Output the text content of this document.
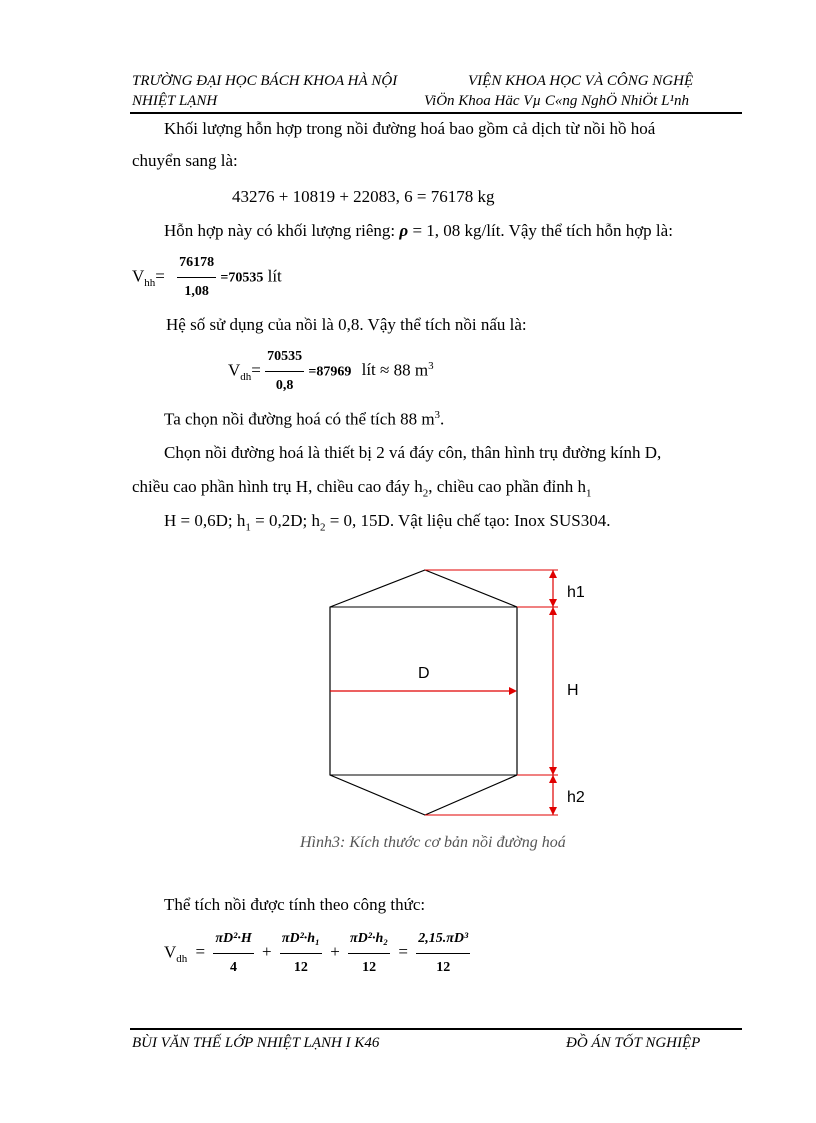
TRƯỜNG ĐẠI HỌC BÁCH KHOA HÀ NỘI	VIỆN KHOA HỌC VÀ CÔNG NGHỆ
NHIỆT LẠNH	ViÖn Khoa Häc Vµ C«ng NghÖ NhiÖt L¹nh
Khối lượng hỗn hợp trong nồi đường hoá bao gồm cả dịch từ nồi hồ hoá
chuyển sang là:
43276 + 10819 + 22083, 6 = 76178 kg
Hỗn hợp này có khối lượng riêng: ρ = 1, 08 kg/lít. Vậy thể tích hỗn hợp là:
$V_{hh}= \frac{76178}{1,08} =70535$ lít
Hệ số sử dụng của nồi là 0,8. Vậy thể tích nồi nấu là:
$V_{dh}= \frac{70535}{0,8} =87969$ lít ≈ 88 $m^3$
Ta chọn nồi đường hoá có thể tích 88 $m^3$.
Chọn nồi đường hoá là thiết bị 2 vá đáy côn, thân hình trụ đường kính D,
chiều cao phần hình trụ H, chiều cao đáy $h_2$, chiều cao phần đỉnh $h_1$
H = 0,6D; $h_1 = 0,2D$; $h_2 = 0$, 15D. Vật liệu chế tạo: Inox SUS304.
D
h1
H
h2
Hình3: Kích thước cơ bản nồi đường hoá
Thể tích nồi được tính theo công thức:
$V_{dh} = \frac{\text{πD²·H}}{4} + \frac{\text{πD²·h₁}}{12} + \frac{\text{πD²·h₂}}{12} = \frac{\text{2,15.πD³}}{12}$
BÙI VĂN THẾ LỚP NHIỆT LẠNH I K46	ĐỒ ÁN TỐT NGHIỆP
